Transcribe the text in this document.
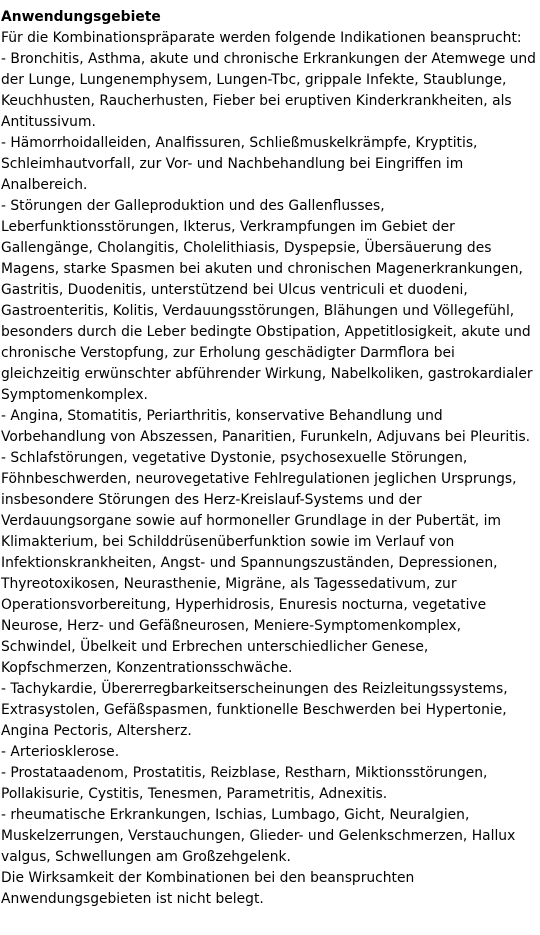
Anwendungsgebiete

Für die Kombinationspräparate werden folgende Indikationen beansprucht:

- Bronchitis, Asthma, akute und chronische Erkrankungen der Atemwege und der Lunge, Lungenemphysem, Lungen-Tbc, grippale Infekte, Staublunge, Keuchhusten, Raucherhusten, Fieber bei eruptiven Kinderkrankheiten, als Antitussivum.

- Hämorrhoidalleiden, Analfissuren, Schließmuskelkrämpfe, Kryptitis, Schleimhautvorfall, zur Vor- und Nachbehandlung bei Eingriffen im Analbereich.

- Störungen der Galleproduktion und des Gallenflusses, Leberfunktionsstörungen, Ikterus, Verkrampfungen im Gebiet der Gallengänge, Cholangitis, Cholelithiasis, Dyspepsie, Übersäuerung des Magens, starke Spasmen bei akuten und chronischen Magenerkrankungen, Gastritis, Duodenitis, unterstützend bei Ulcus ventriculi et duodeni, Gastroenteritis, Kolitis, Verdauungsstörungen, Blähungen und Völlegefühl, besonders durch die Leber bedingte Obstipation, Appetitlosigkeit, akute und chronische Verstopfung, zur Erholung geschädigter Darmflora bei gleichzeitig erwünschter abführender Wirkung, Nabelkoliken, gastrokardialer Symptomenkomplex.

- Angina, Stomatitis, Periarthritis, konservative Behandlung und Vorbehandlung von Abszessen, Panaritien, Furunkeln, Adjuvans bei Pleuritis.

- Schlafstörungen, vegetative Dystonie, psychosexuelle Störungen, Föhnbeschwerden, neurovegetative Fehlregulationen jeglichen Ursprungs, insbesondere Störungen des Herz-Kreislauf-Systems und der Verdauungsorgane sowie auf hormoneller Grundlage in der Pubertät, im Klimakterium, bei Schilddrüsenüberfunktion sowie im Verlauf von Infektionskrankheiten, Angst- und Spannungszuständen, Depressionen, Thyreotoxikosen, Neurasthenie, Migräne, als Tagessedativum, zur Operationsvorbereitung, Hyperhidrosis, Enuresis nocturna, vegetative Neurose, Herz- und Gefäßneurosen, Meniere-Symptomenkomplex, Schwindel, Übelkeit und Erbrechen unterschiedlicher Genese, Kopfschmerzen, Konzentrationsschwäche.

- Tachykardie, Übererregbarkeitserscheinungen des Reizleitungssystems, Extrasystolen, Gefäßspasmen, funktionelle Beschwerden bei Hypertonie, Angina Pectoris, Altersherz.

- Arteriosklerose.

- Prostataadenom, Prostatitis, Reizblase, Restharn, Miktionsstörungen, Pollakisurie, Cystitis, Tenesmen, Parametritis, Adnexitis.

- rheumatische Erkrankungen, Ischias, Lumbago, Gicht, Neuralgien, Muskelzerrungen, Verstauchungen, Glieder- und Gelenkschmerzen, Hallux valgus, Schwellungen am Großzehgelenk.

Die Wirksamkeit der Kombinationen bei den beanspruchten Anwendungsgebieten ist nicht belegt.
